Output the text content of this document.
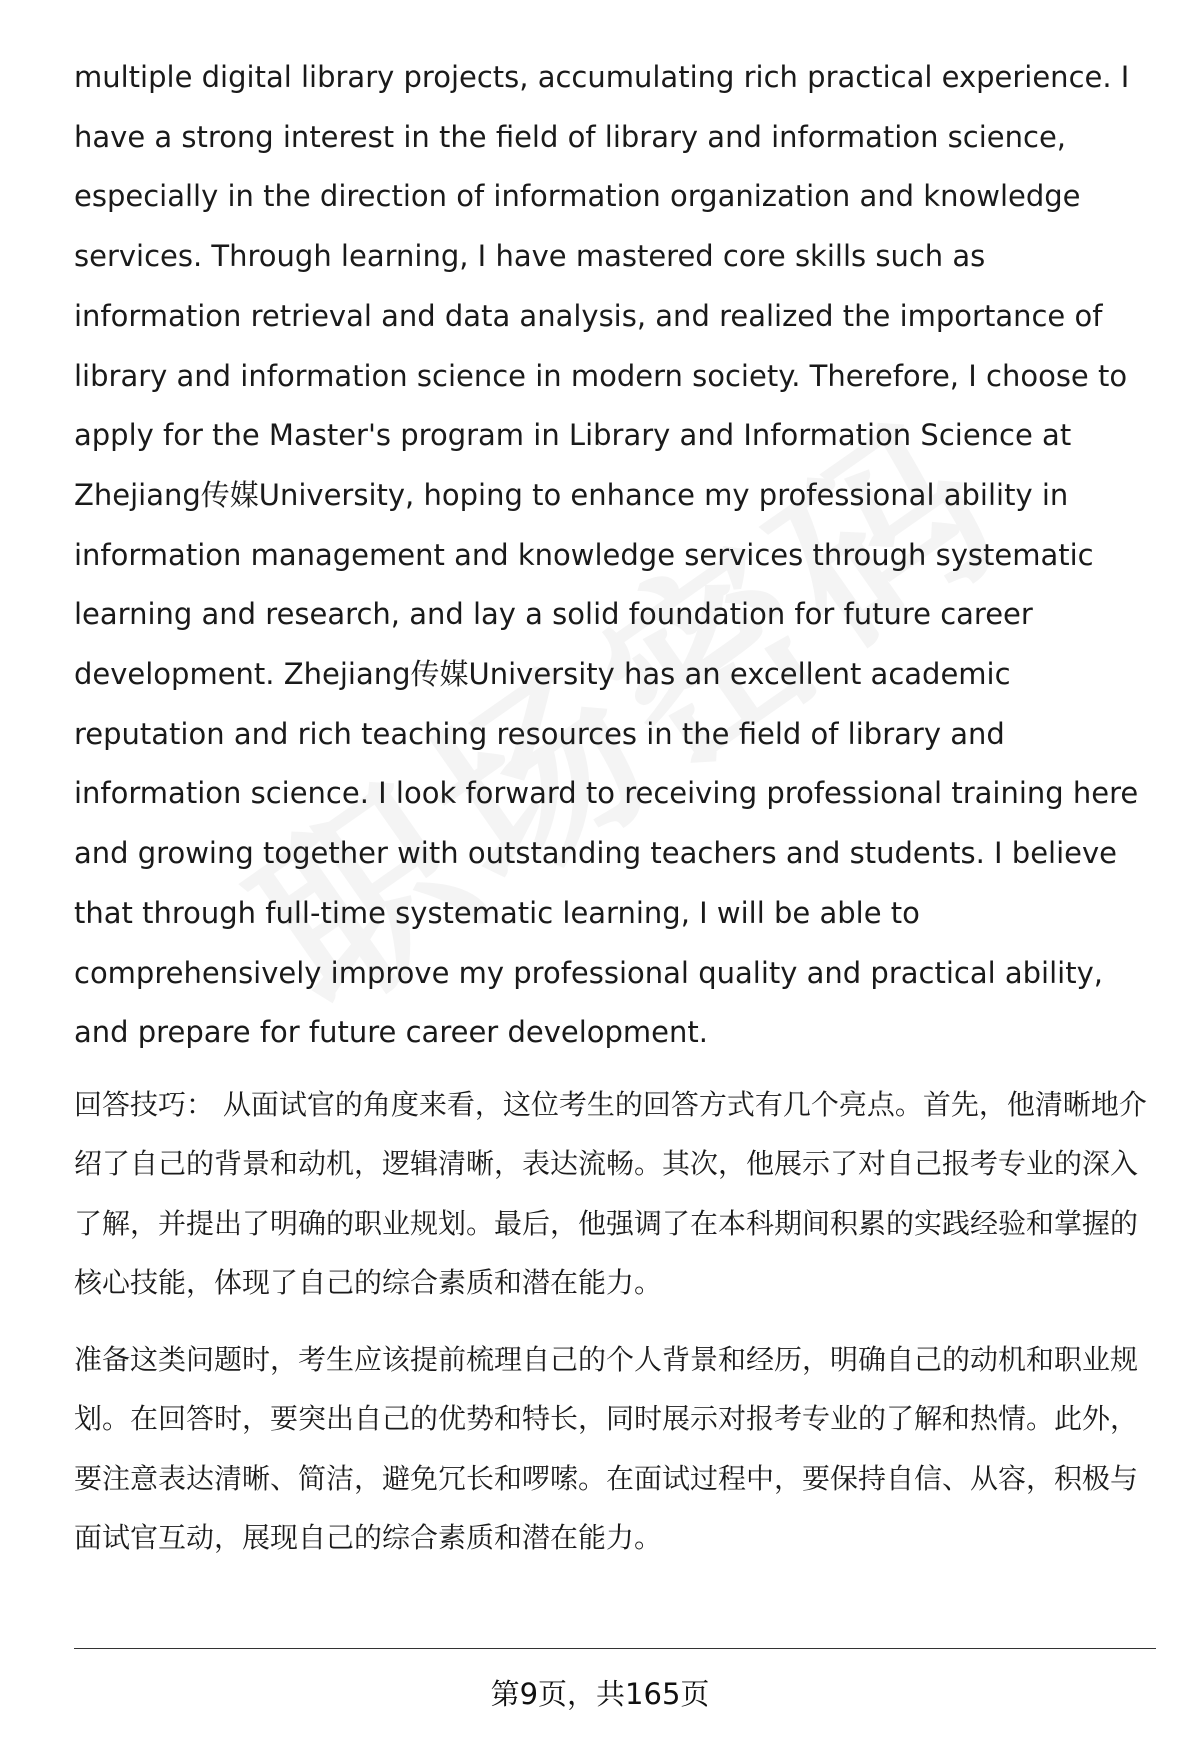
multiple digital library projects, accumulating rich practical experience. I have a strong interest in the field of library and information science, especially in the direction of information organization and knowledge services. Through learning, I have mastered core skills such as information retrieval and data analysis, and realized the importance of library and information science in modern society. Therefore, I choose to apply for the Master's program in Library and Information Science at Zhejiang传媒University, hoping to enhance my professional ability in information management and knowledge services through systematic learning and research, and lay a solid foundation for future career development. Zhejiang传媒University has an excellent academic reputation and rich teaching resources in the field of library and information science. I look forward to receiving professional training here and growing together with outstanding teachers and students. I believe that through full-time systematic learning, I will be able to comprehensively improve my professional quality and practical ability, and prepare for future career development.

回答技巧： 从面试官的角度来看，这位考生的回答方式有几个亮点。首先，他清晰地介绍了自己的背景和动机，逻辑清晰，表达流畅。其次，他展示了对自己报考专业的深入了解，并提出了明确的职业规划。最后，他强调了在本科期间积累的实践经验和掌握的核心技能，体现了自己的综合素质和潜在能力。

准备这类问题时，考生应该提前梳理自己的个人背景和经历，明确自己的动机和职业规划。在回答时，要突出自己的优势和特长，同时展示对报考专业的了解和热情。此外，要注意表达清晰、简洁，避免冗长和啰嗦。在面试过程中，要保持自信、从容，积极与面试官互动，展现自己的综合素质和潜在能力。

第9页，共165页
